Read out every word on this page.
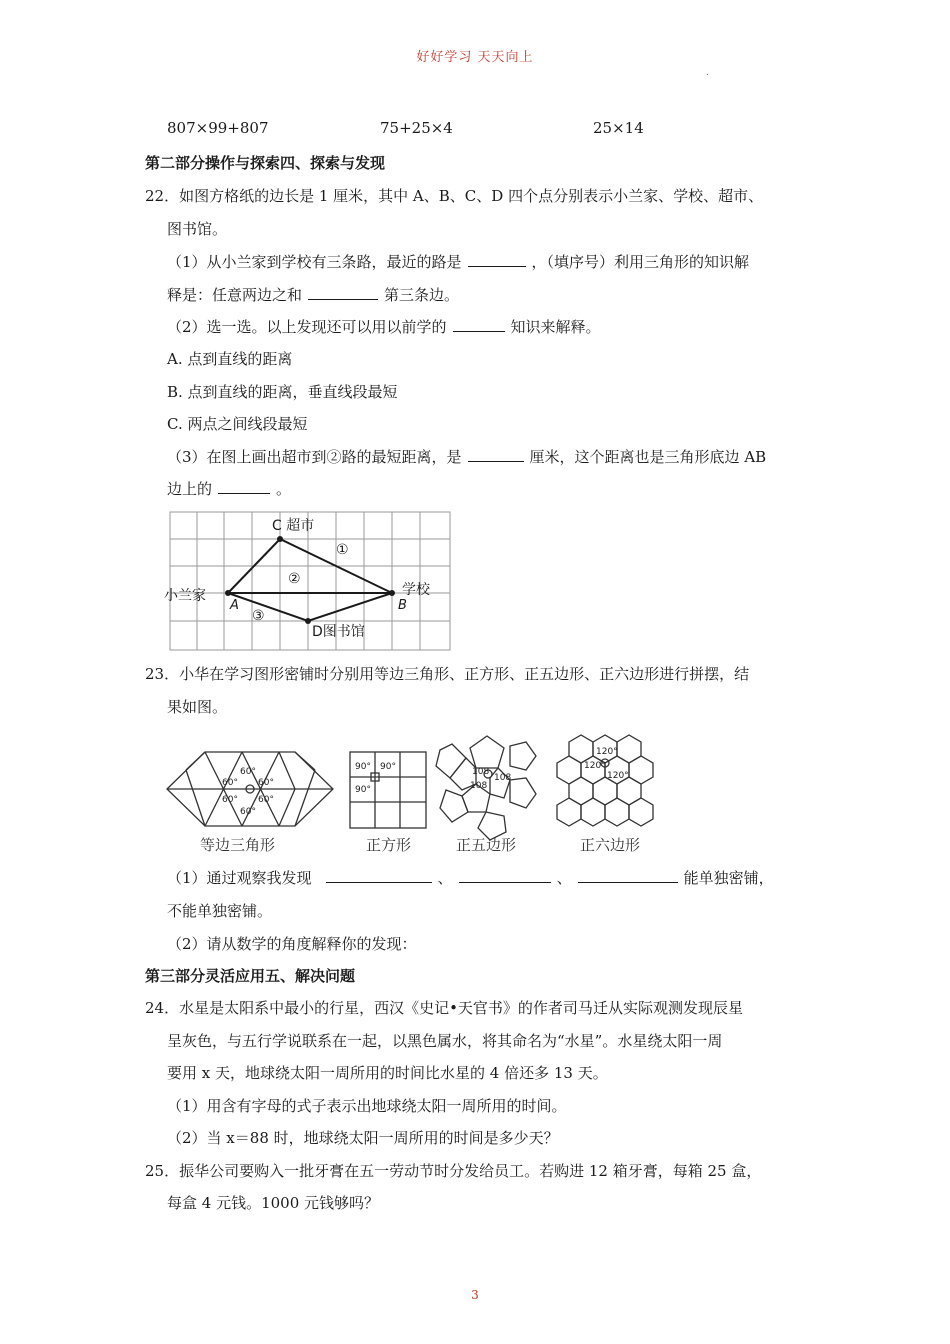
好好学习 天天向上
.
807×99+807	75+25×4	25×14
第二部分操作与探索四、探索与发现
22．如图方格纸的边长是 1 厘米，其中 A、B、C、D 四个点分别表示小兰家、学校、超市、
图书馆。
（1）从小兰家到学校有三条路，最近的路是	，（填序号）利用三角形的知识解
释是：任意两边之和	第三条边。
（2）选一选。以上发现还可以用以前学的	知识来解释。
A. 点到直线的距离
B. 点到直线的距离，垂直线段最短
C. 两点之间线段最短
（3）在图上画出超市到②路的最短距离，是	厘米，这个距离也是三角形底边 AB
边上的	。
C 超市
小兰家
A
学校
B
D图书馆
①
②
③
23．小华在学习图形密铺时分别用等边三角形、正方形、正五边形、正六边形进行拼摆，结
果如图。
60°
60° 60°
60° 60°
60°
等边三角形
90° 90°
90°
正方形
108
108
108
正五边形
120°
120°
120°
正六边形
（1）通过观察我发现	、	、	能单独密铺，
不能单独密铺。
（2）请从数学的角度解释你的发现：
第三部分灵活应用五、解决问题
24．水星是太阳系中最小的行星，西汉《史记•天官书》的作者司马迁从实际观测发现辰星
呈灰色，与五行学说联系在一起，以黑色属水，将其命名为“水星”。水星绕太阳一周
要用 x 天，地球绕太阳一周所用的时间比水星的 4 倍还多 13 天。
（1）用含有字母的式子表示出地球绕太阳一周所用的时间。
（2）当 x＝88 时，地球绕太阳一周所用的时间是多少天？
25．振华公司要购入一批牙膏在五一劳动节时分发给员工。若购进 12 箱牙膏，每箱 25 盒，
每盒 4 元钱。1000 元钱够吗？
3
